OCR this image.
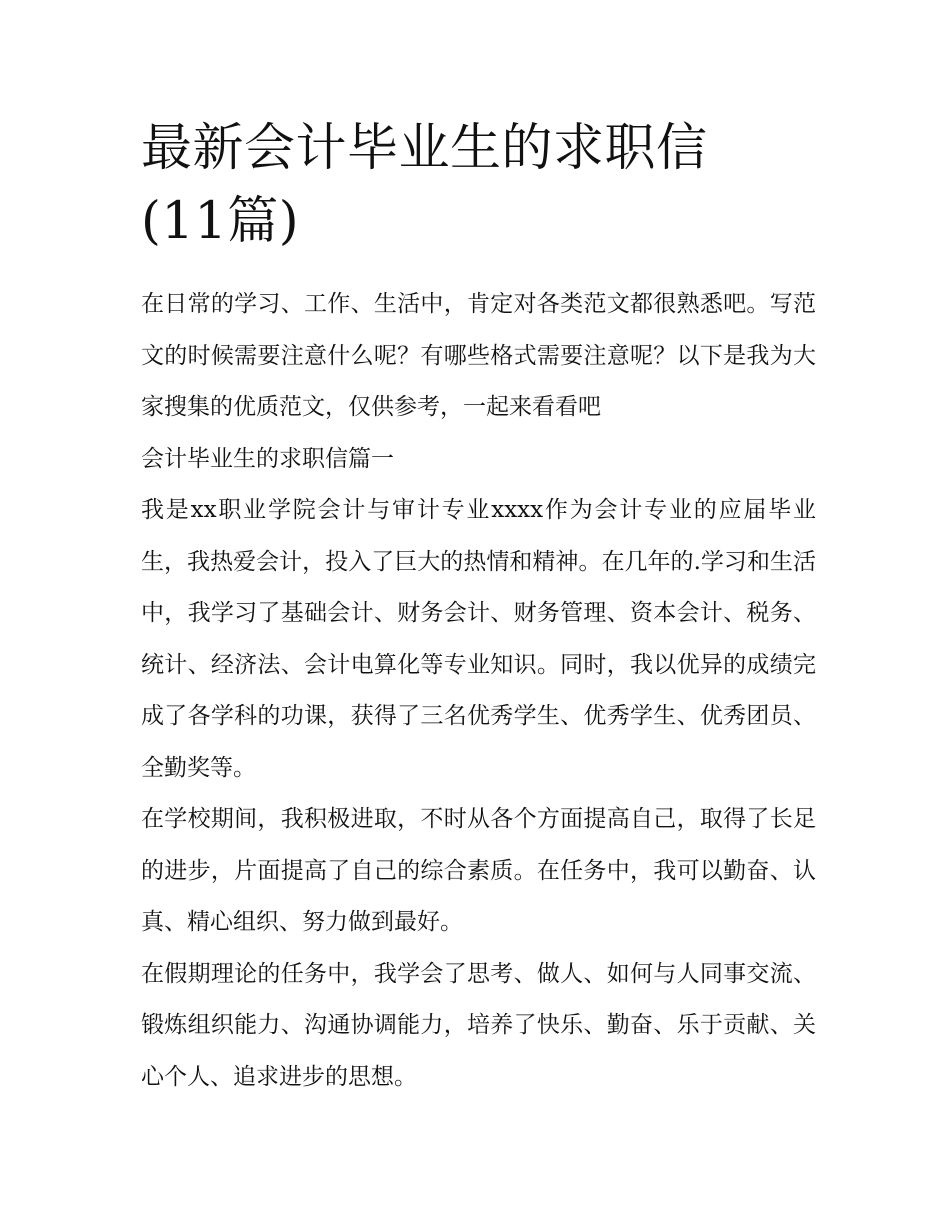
最新会计毕业生的求职信(11篇)

在日常的学习、工作、生活中，肯定对各类范文都很熟悉吧。写范文的时候需要注意什么呢？有哪些格式需要注意呢？以下是我为大家搜集的优质范文，仅供参考，一起来看看吧

会计毕业生的求职信篇一

我是xx职业学院会计与审计专业xxxx作为会计专业的应届毕业生，我热爱会计，投入了巨大的热情和精神。在几年的.学习和生活中，我学习了基础会计、财务会计、财务管理、资本会计、税务、统计、经济法、会计电算化等专业知识。同时，我以优异的成绩完成了各学科的功课，获得了三名优秀学生、优秀学生、优秀团员、全勤奖等。

在学校期间，我积极进取，不时从各个方面提高自己，取得了长足的进步，片面提高了自己的综合素质。在任务中，我可以勤奋、认真、精心组织、努力做到最好。

在假期理论的任务中，我学会了思考、做人、如何与人同事交流、锻炼组织能力、沟通协调能力，培养了快乐、勤奋、乐于贡献、关心个人、追求进步的思想。
